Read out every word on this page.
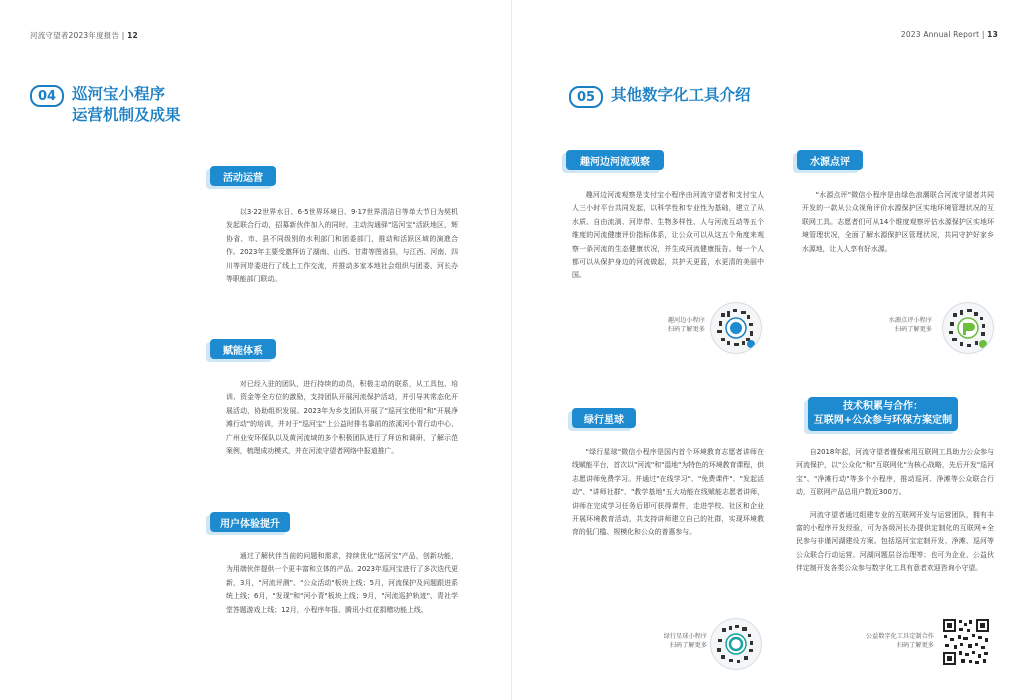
河流守望者2023年度报告 | 12
04	巡河宝小程序
运营机制及成果
活动运营

以3·22世界水日、6·5世界环境日、9·17世界清洁日等单大节日为契机发起联合行动，招募新伙伴加入的同时，主动沟通驿"巡河宝"活跃地区，辉协省、市、县不同级别的水利部门和团委部门，推动和活跃区域的演進合作。2023年主要受邀拜访了湖南、山西、甘肃等图省县，与江西、河南、四川等河岸委进行了线上工作交流，并推动多家本地社会组织与团委、河长办等职能部门联动。

赋能体系

对已经入驻的团队，进行持续的动员，积极主动的联系，从工具包、培训、资金等全方位的激励，支持团队开展河流保护活动，并引导其常态化开展活动，协助组织发展。2023年为乡支团队开展了"巡河宝使用"和"开展净滩行动"的培训，并对于"巡河宝"上公益时排名靠前的浓溪河小青行动中心、广州业安环保队以及黄河流域的多个积极团队进行了拜访和调研，了解示范案例，梳理成功模式，并在河流守望者网络中报道推广。

用户体验提升

通过了解伙伴当前的问题和需求，持续优化"巡河宝"产品，创新功能，为用端伙伴提供一个更丰富和立体的产品。2023年巡河宝进行了多次迭代更新，3月，"河流评测"、"公众活动"板块上线；5月，河流保护及问题跟进系统上线；6月，"发现"和"河小青"板块上线；9月，"河流巡护轨迹"、青社学堂答题游戏上线；12月，小程序年报、腾讯小红花捐赠功能上线。

2023 Annual Report | 13
05	其他数字化工具介绍
趣河边河流观察

趣河边河流观察是支付宝小程序由河流守望者和支付宝人人三小时平台共同发起，以科学性和专业性为基础，建立了从水质、自由流淌、河岸带、生物多样性、人与河流互动等五个维度的河流健康评价指标体系，让公众可以从这五个角度来观察一条河流的生态健康状况，并生成河流健康报告。每一个人都可以从保护身边的河流做起，共护天更蓝，水更清的美丽中国。

趣河边小程序
扫码了解更多
水源点评

"水源点评"微信小程序是由绿色浪潮联合河流守望者共同开发的一款从公众视角评价水源保护区实地环境管理状况的互联网工具。志愿者们可从14个维度观察评估水源保护区实地环境管理状况，全面了解水源保护区管理状况，共同守护好家乡水源地，让人人享有好水源。

水源点评小程序
扫码了解更多
绿行星球

"绿行星球"微信小程序是国内首个环境教育志愿者讲师在线赋能平台，首次以"河流"和"湿地"为特色的环境教育课程，供志愿讲师免费学习。并通过"在线学习"、"免费课件"、"发起活动"、"讲师社群"、"教学基地"五大功能在线赋能志愿者讲师，讲师在完成学习任务后即可获得课件，走进学校、社区和企业开展环境教育活动，共支持讲师建立自己的社群，实现环境教育的低门槛、规模化和公众的普惠参与。

绿行星球小程序
扫码了解更多
技术积累与合作：
互联网+公众参与环保方案定制

自2018年起，河流守望者僅保索用互联网工具助力公众参与河流保护，以"公众化"和"互联网化"为核心战略，先后开发"巡河宝"、"净滩行动"等多个小程序，推动巡河、净滩等公众联合行动，互联网产品总用户数近300万。

河流守望者通过组建专业的互联网开发与运营团队，拥有丰富的小程序开发经验，可为各级河长办提供定制化的互联网+全民参与非谨河湖建设方案。包括巡河宝定制开发、净滩、巡河等公众联合行动运营、河湖问题层谷治理等；也可为企业、公益伙伴定制开发各类公众参与数字化工具有意者欢迎咨询小守望。

公益数字化工具定制合作
扫码了解更多
